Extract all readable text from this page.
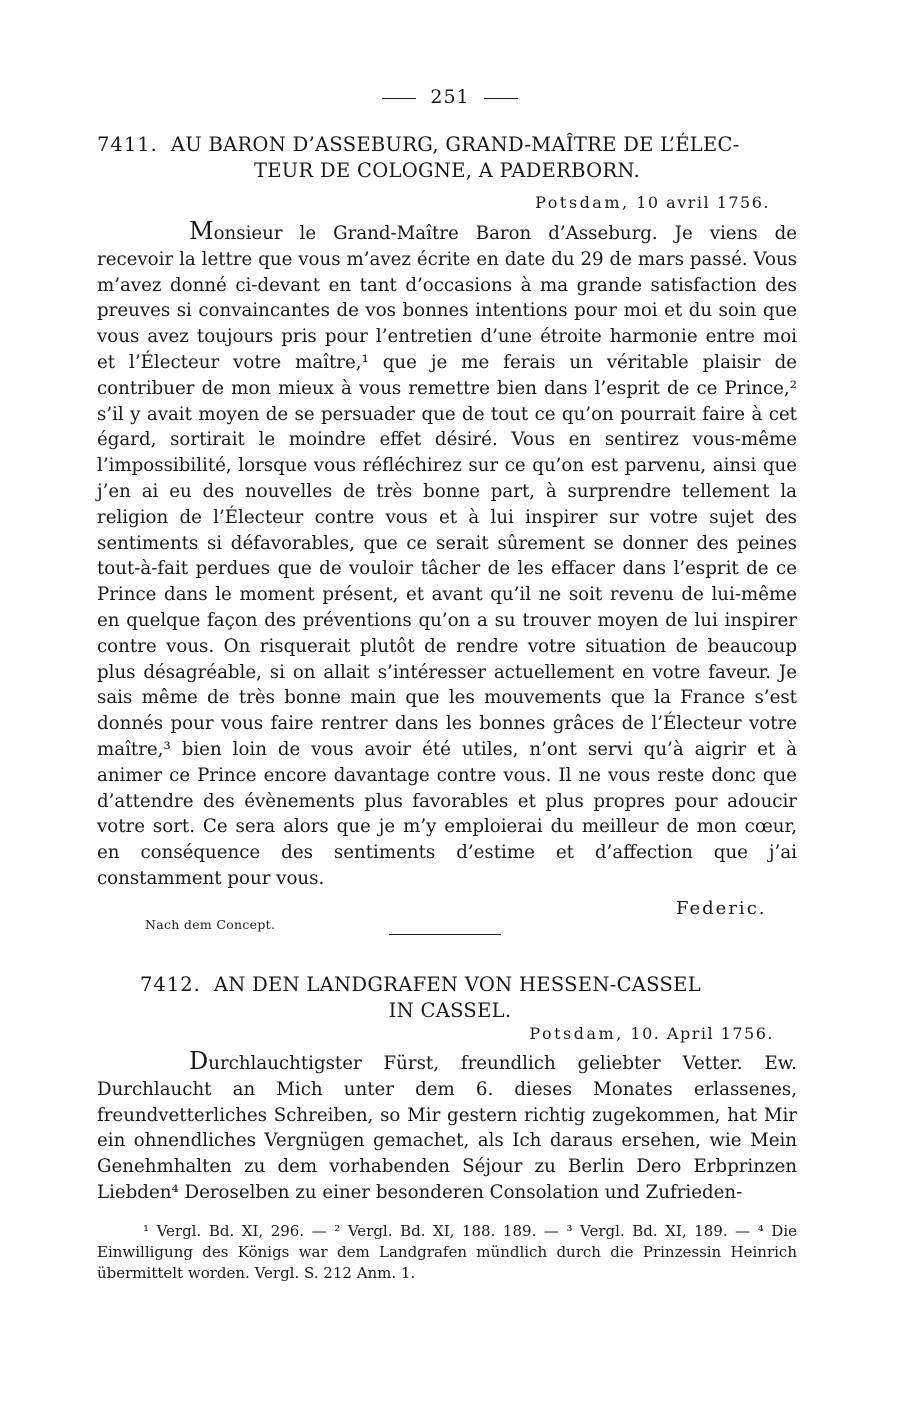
251
7411. AU BARON D’ASSEBURG, GRAND-MAÎTRE DE L’ÉLEC-
TEUR DE COLOGNE, A PADERBORN.
Potsdam, 10 avril 1756.

Monsieur le Grand-Maître Baron d’Asseburg. Je viens de recevoir la lettre que vous m’avez écrite en date du 29 de mars passé. Vous m’avez donné ci-devant en tant d’occasions à ma grande satisfaction des preuves si convaincantes de vos bonnes intentions pour moi et du soin que vous avez toujours pris pour l’entretien d’une étroite harmonie entre moi et l’Électeur votre maître,¹ que je me ferais un véritable plaisir de contribuer de mon mieux à vous remettre bien dans l’esprit de ce Prince,² s’il y avait moyen de se persuader que de tout ce qu’on pourrait faire à cet égard, sortirait le moindre effet désiré. Vous en sentirez vous-même l’impossibilité, lorsque vous réfléchirez sur ce qu’on est parvenu, ainsi que j’en ai eu des nouvelles de très bonne part, à surprendre tellement la religion de l’Électeur contre vous et à lui inspirer sur votre sujet des sentiments si défavorables, que ce serait sûrement se donner des peines tout-à-fait perdues que de vouloir tâcher de les effacer dans l’esprit de ce Prince dans le moment présent, et avant qu’il ne soit revenu de lui-même en quelque façon des préventions qu’on a su trouver moyen de lui inspirer contre vous. On risquerait plutôt de rendre votre situation de beaucoup plus désagréable, si on allait s’intéresser actuellement en votre faveur. Je sais même de très bonne main que les mouvements que la France s’est donnés pour vous faire rentrer dans les bonnes grâces de l’Électeur votre maître,³ bien loin de vous avoir été utiles, n’ont servi qu’à aigrir et à animer ce Prince encore davantage contre vous. Il ne vous reste donc que d’attendre des évènements plus favorables et plus propres pour adoucir votre sort. Ce sera alors que je m’y emploierai du meilleur de mon cœur, en conséquence des sentiments d’estime et d’affection que j’ai constamment pour vous.

Nach dem Concept.
Federic.
7412. AN DEN LANDGRAFEN VON HESSEN-CASSEL
IN CASSEL.
Potsdam, 10. April 1756.

Durchlauchtigster Fürst, freundlich geliebter Vetter. Ew. Durchlaucht an Mich unter dem 6. dieses Monates erlassenes, freundvetterliches Schreiben, so Mir gestern richtig zugekommen, hat Mir ein ohnendliches Vergnügen gemachet, als Ich daraus ersehen, wie Mein Genehmhalten zu dem vorhabenden Séjour zu Berlin Dero Erbprinzen Liebden⁴ Deroselben zu einer besonderen Consolation und Zufrieden-

¹ Vergl. Bd. XI, 296. — ² Vergl. Bd. XI, 188. 189. — ³ Vergl. Bd. XI, 189. — ⁴ Die Einwilligung des Königs war dem Landgrafen mündlich durch die Prinzessin Heinrich übermittelt worden. Vergl. S. 212 Anm. 1.
